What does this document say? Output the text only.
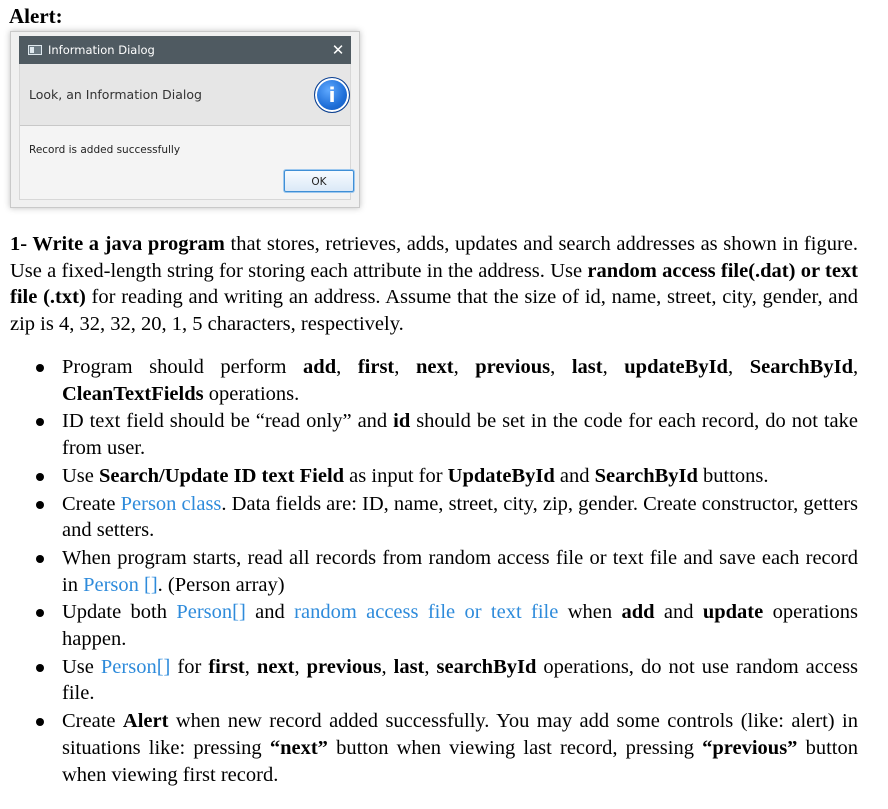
Alert:
Information Dialog	✕
Look, an Information Dialog	i
Record is added successfully
OK

1- Write a java program that stores, retrieves, adds, updates and search addresses as shown in figure. Use a fixed-length string for storing each attribute in the address. Use random access file(.dat) or text file (.txt) for reading and writing an address. Assume that the size of id, name, street, city, gender, and zip is 4, 32, 32, 20, 1, 5 characters, respectively.

Program should perform add, first, next, previous, last, updateById, SearchById, CleanTextFields operations.
ID text field should be “read only” and id should be set in the code for each record, do not take from user.
Use Search/Update ID text Field as input for UpdateById and SearchById buttons.
Create Person class. Data fields are: ID, name, street, city, zip, gender. Create constructor, getters and setters.
When program starts, read all records from random access file or text file and save each record in Person []. (Person array)
Update both Person[] and random access file or text file when add and update operations happen.
Use Person[] for first, next, previous, last, searchById operations, do not use random access file.
Create Alert when new record added successfully. You may add some controls (like: alert) in situations like: pressing “next” button when viewing last record, pressing “previous” button when viewing first record.
